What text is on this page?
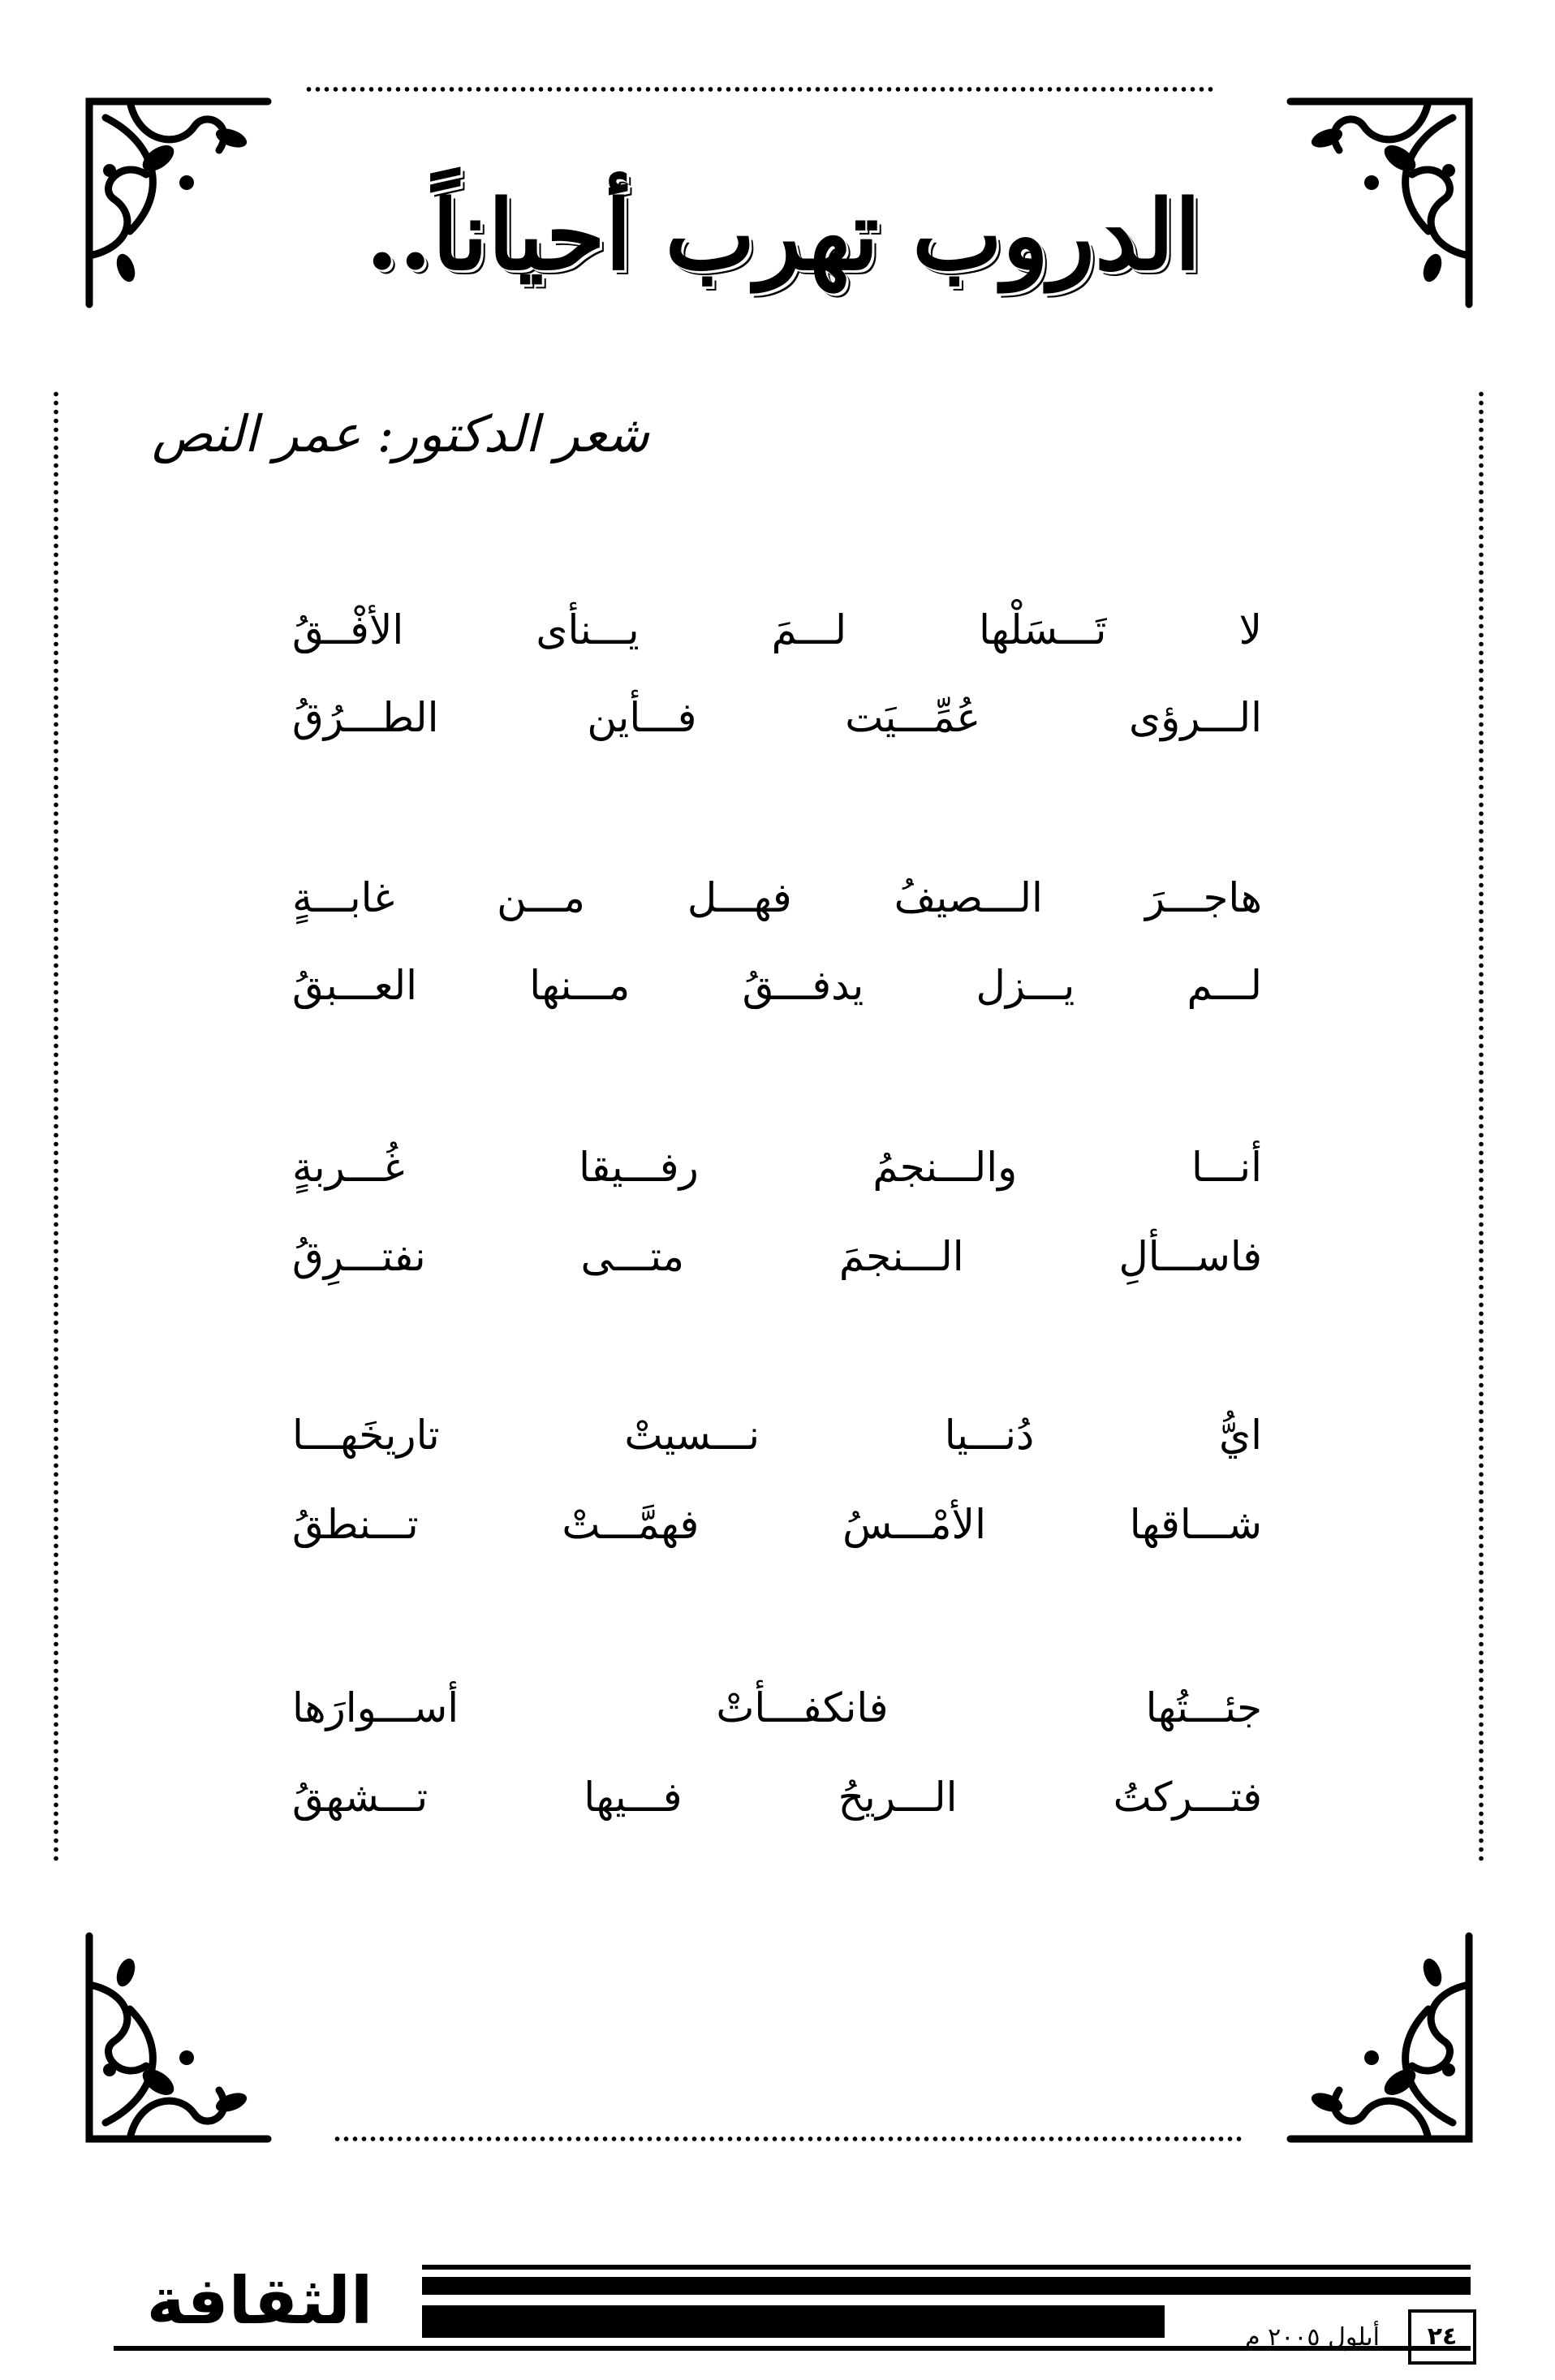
الدروب تهرب أحياناً..
شعر الدكتور: عمر النص
لا تَـــسَلْها لـــمَ يـــنأى الأفْــقُ
الـــرؤى عُمِّـــيَت فـــأين الطـــرُقُ
هاجـــرَ الـــصيفُ فهـــل مـــن غابـــةٍ
لـــم يـــزل يدفـــقُ مـــنها العـــبقُ
أنـــا والـــنجمُ رفـــيقا غُـــربةٍ
فاســـألِ الـــنجمَ متـــى نفتـــرِقُ
ايُّ دُنـــيا نـــسيتْ تاريخَهـــا
شـــاقها الأمْـــسُ فهمَّـــتْ تـــنطقُ
جئـــتُها فانكفـــأتْ أســـوارَها
فتـــركتُ الـــريحُ فـــيها تـــشهقُ
الثقافة	أيلول ٢٠٠٥ م	٢٤
